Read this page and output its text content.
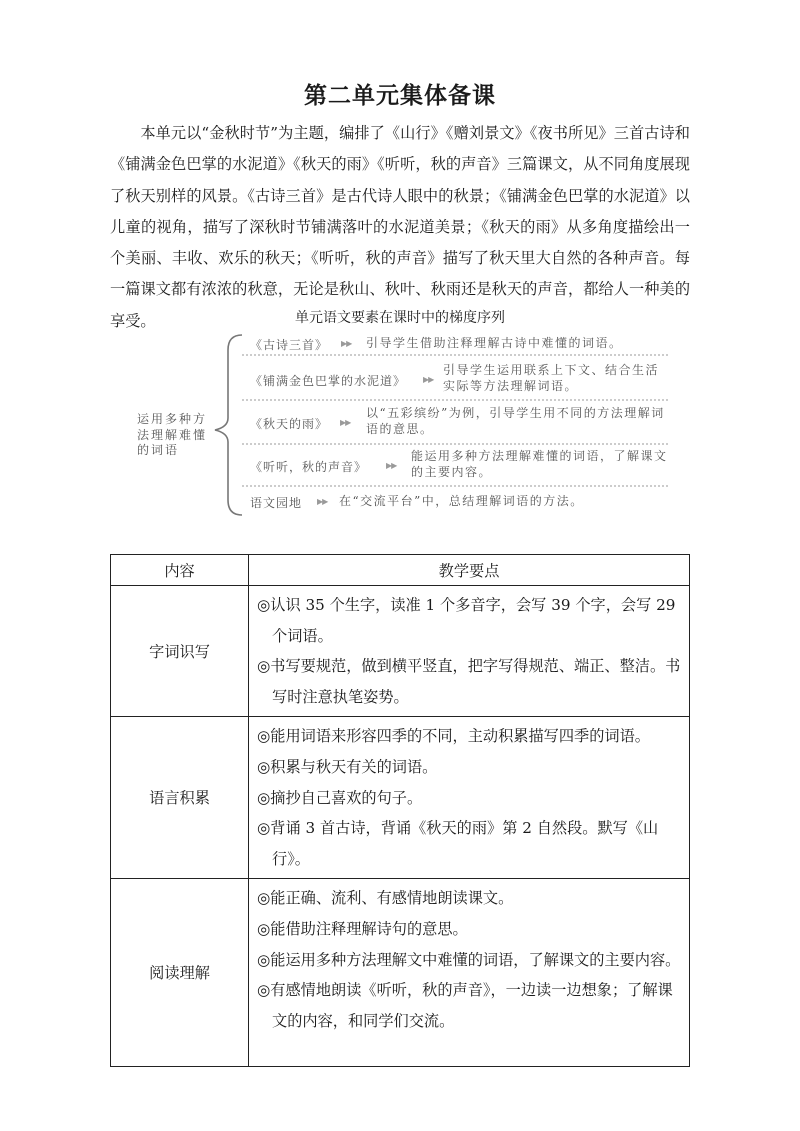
第二单元集体备课

本单元以“金秋时节”为主题，编排了《山行》《赠刘景文》《夜书所见》三首古诗和《铺满金色巴掌的水泥道》《秋天的雨》《听听，秋的声音》三篇课文，从不同角度展现了秋天别样的风景。《古诗三首》是古代诗人眼中的秋景；《铺满金色巴掌的水泥道》以儿童的视角，描写了深秋时节铺满落叶的水泥道美景；《秋天的雨》从多角度描绘出一个美丽、丰收、欢乐的秋天；《听听，秋的声音》描写了秋天里大自然的各种声音。每一篇课文都有浓浓的秋意，无论是秋山、秋叶、秋雨还是秋天的声音，都给人一种美的享受。	单元语文要素在课时中的梯度序列
运用多种方法理解难懂的词语
《古诗三首》 ▶▶ 引导学生借助注释理解古诗中难懂的词语。
《铺满金色巴掌的水泥道》 ▶▶
引导学生运用联系上下文、结合生活实际等方法理解词语。
《秋天的雨》 ▶▶
以“五彩缤纷”为例，引导学生用不同的方法理解词语的意思。
《听听，秋的声音》 ▶▶
能运用多种方法理解难懂的词语，了解课文的主要内容。
语文园地 ▶▶ 在“交流平台”中，总结理解词语的方法。
内容	教学要点
字词识写	◎认识 35 个生字，读准 1 个多音字，会写 39 个字，会写 29 个词语。

◎书写要规范，做到横平竖直，把字写得规范、端正、整洁。书写时注意执笔姿势。

语言积累	◎能用词语来形容四季的不同，主动积累描写四季的词语。

◎积累与秋天有关的词语。

◎摘抄自己喜欢的句子。

◎背诵 3 首古诗，背诵《秋天的雨》第 2 自然段。默写《山行》。

阅读理解	◎能正确、流利、有感情地朗读课文。

◎能借助注释理解诗句的意思。

◎能运用多种方法理解文中难懂的词语，了解课文的主要内容。

◎有感情地朗读《听听，秋的声音》，一边读一边想象；了解课文的内容，和同学们交流。
